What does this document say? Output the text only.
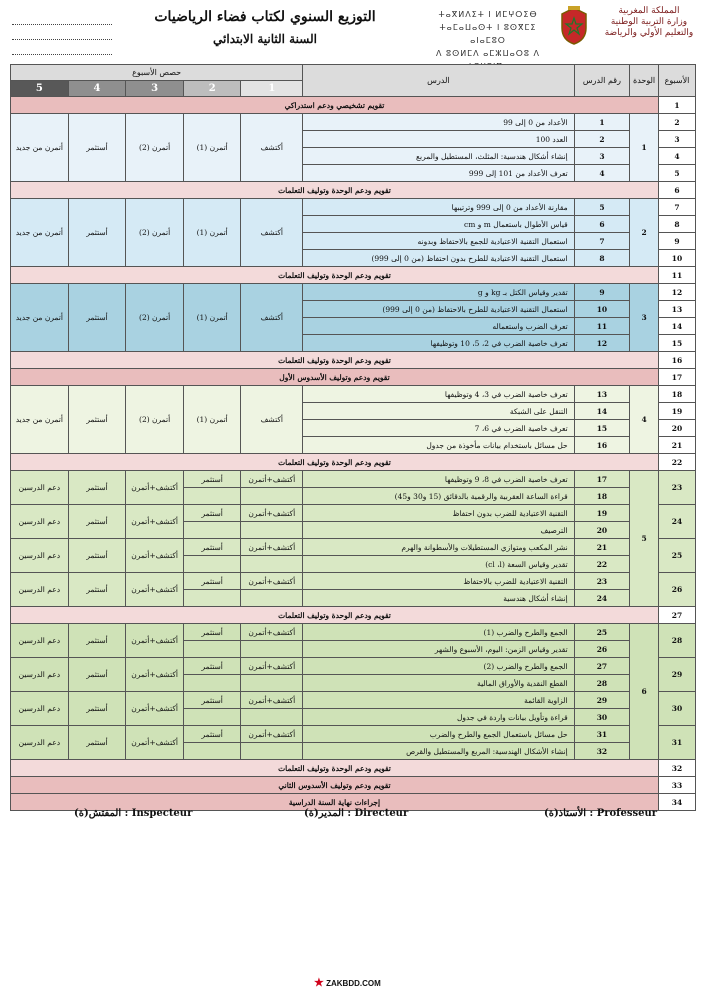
المملكة المغربية
وزارة التربية الوطنية
والتعليم الأولي والرياضة
ⵜⴰⴳⵍⴷⵉⵜ ⵏ ⵍⵎⵖⵔⵉⴱ
ⵜⴰⵎⴰⵡⴰⵙⵜ ⵏ ⵓⵙⴳⵎⵉ ⴰⵏⴰⵎⵓⵔ
ⴷ ⵓⵙⵍⵎⴷ ⴰⵎⵣⵡⴰⵔⵓ ⴷ
التوزيع السنوي لكتاب فضاء الرياضيات
السنة الثانية الابتدائي
الأسبوع	الوحدة	رقم الدرس	الدرس	حصص الأسبوع				
				1	2	3	4	5
1	تقويم تشخيصي ودعم استدراكي							
2	1	1	الأعداد من 0 إلى 99	أكتشف	أتمرن (1)	أتمرن (2)	أستثمر	أتمرن من جديد
3		2	العدد 100					
4		3	إنشاء أشكال هندسية: المثلث، المستطيل والمربع					
5		4	تعرف الأعداد من 101 إلى 999					
6	تقويم ودعم الوحدة وتوليف التعلمات							
7	2	5	مقارنة الأعداد من 0 إلى 999 وترتيبها	أكتشف	أتمرن (1)	أتمرن (2)	أستثمر	أتمرن من جديد
8		6	قياس الأطوال باستعمال m و cm					
9		7	استعمال التقنية الاعتيادية للجمع بالاحتفاظ وبدونه					
10		8	استعمال التقنية الاعتيادية للطرح بدون احتفاظ (من 0 إلى 999)					
11	تقويم ودعم الوحدة وتوليف التعلمات							
12	3	9	تقدير وقياس الكتل بـ kg و g	أكتشف	أتمرن (1)	أتمرن (2)	أستثمر	أتمرن من جديد
13		10	استعمال التقنية الاعتيادية للطرح بالاحتفاظ (من 0 إلى 999)					
14		11	تعرف الضرب واستعماله					
15		12	تعرف خاصية الضرب في 2، 5، 10 وتوظيفها					
16	تقويم ودعم الوحدة وتوليف التعلمات							
17	تقويم ودعم وتوليف الأسدوس الأول							
18	4	13	تعرف خاصية الضرب في 3، 4 وتوظيفها	أكتشف	أتمرن (1)	أتمرن (2)	أستثمر	أتمرن من جديد
19		14	التنقل على الشبكة					
20		15	تعرف خاصية الضرب في 6، 7					
21		16	حل مسائل باستخدام بيانات مأخوذة من جدول					
22	تقويم ودعم الوحدة وتوليف التعلمات							
23	5	17	تعرف خاصية الضرب في 8، 9 وتوظيفها	أكتشف+أتمرن	أستثمر	أكتشف+أتمرن	أستثمر	دعم الدرسين
		18	قراءة الساعة العقربية والرقمية بالدقائق (15 و30 و45)					
24		19	التقنية الاعتيادية للضرب بدون احتفاظ	أكتشف+أتمرن	أستثمر	أكتشف+أتمرن	أستثمر	دعم الدرسين
		20	الترصيف					
25		21	نشر المكعب ومتوازي المستطيلات والأسطوانة والهرم	أكتشف+أتمرن	أستثمر	أكتشف+أتمرن	أستثمر	دعم الدرسين
		22	تقدير وقياس السعة (cl ،l)					
26		23	التقنية الاعتيادية للضرب بالاحتفاظ	أكتشف+أتمرن	أستثمر	أكتشف+أتمرن	أستثمر	دعم الدرسين
		24	إنشاء أشكال هندسية					
27	تقويم ودعم الوحدة وتوليف التعلمات							
28	6	25	الجمع والطرح والضرب (1)	أكتشف+أتمرن	أستثمر	أكتشف+أتمرن	أستثمر	دعم الدرسين
		26	تقدير وقياس الزمن: اليوم، الأسبوع والشهر					
29		27	الجمع والطرح والضرب (2)	أكتشف+أتمرن	أستثمر	أكتشف+أتمرن	أستثمر	دعم الدرسين
		28	القطع النقدية والأوراق المالية					
30		29	الزاوية القائمة	أكتشف+أتمرن	أستثمر	أكتشف+أتمرن	أستثمر	دعم الدرسين
		30	قراءة وتأويل بيانات واردة في جدول					
31		31	حل مسائل باستعمال الجمع والطرح والضرب	أكتشف+أتمرن	أستثمر	أكتشف+أتمرن	أستثمر	دعم الدرسين
		32	إنشاء الأشكال الهندسية: المربع والمستطيل والقرص					
32	تقويم ودعم الوحدة وتوليف التعلمات							
33	تقويم ودعم وتوليف الأسدوس الثاني							
34	إجراءات نهاية السنة الدراسية							
الأستاذ(ة) : Professeur
المدير(ة) : Directeur
المفتش(ة) : Inspecteur
★ ZAKBDD.COM
